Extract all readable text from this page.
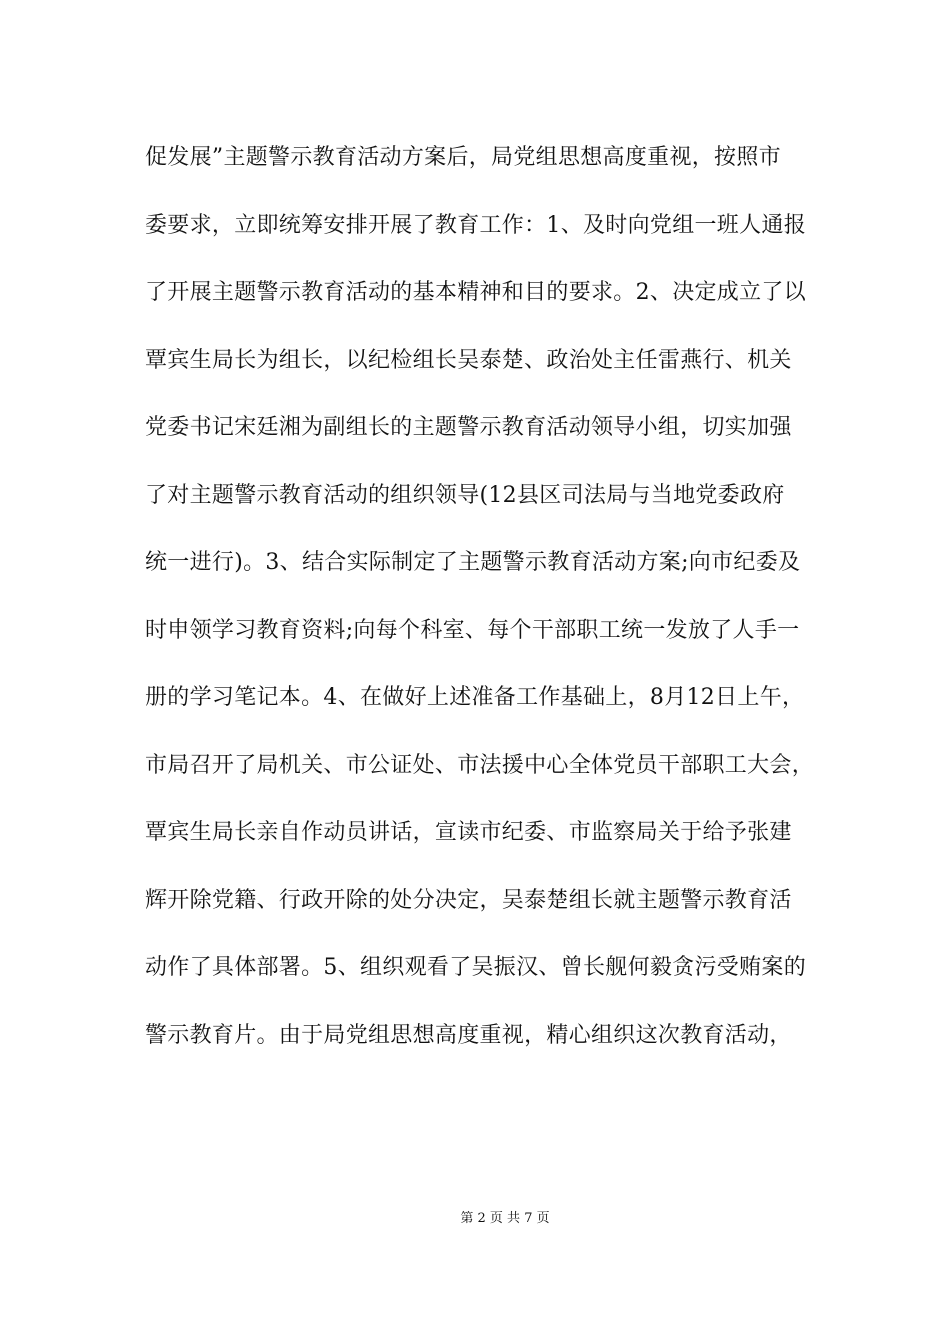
促发展”主题警示教育活动方案后，局党组思想高度重视，按照市
委要求，立即统筹安排开展了教育工作：1、及时向党组一班人通报
了开展主题警示教育活动的基本精神和目的要求。2、决定成立了以
覃宾生局长为组长，以纪检组长吴泰楚、政治处主任雷燕行、机关
党委书记宋廷湘为副组长的主题警示教育活动领导小组，切实加强
了对主题警示教育活动的组织领导(12县区司法局与当地党委政府
统一进行)。3、结合实际制定了主题警示教育活动方案;向市纪委及
时申领学习教育资料;向每个科室、每个干部职工统一发放了人手一
册的学习笔记本。4、在做好上述准备工作基础上，8月12日上午，
市局召开了局机关、市公证处、市法援中心全体党员干部职工大会，
覃宾生局长亲自作动员讲话，宣读市纪委、市监察局关于给予张建
辉开除党籍、行政开除的处分决定，吴泰楚组长就主题警示教育活
动作了具体部署。5、组织观看了吴振汉、曾长舰何毅贪污受贿案的
警示教育片。由于局党组思想高度重视，精心组织这次教育活动，
第 2 页 共 7 页
